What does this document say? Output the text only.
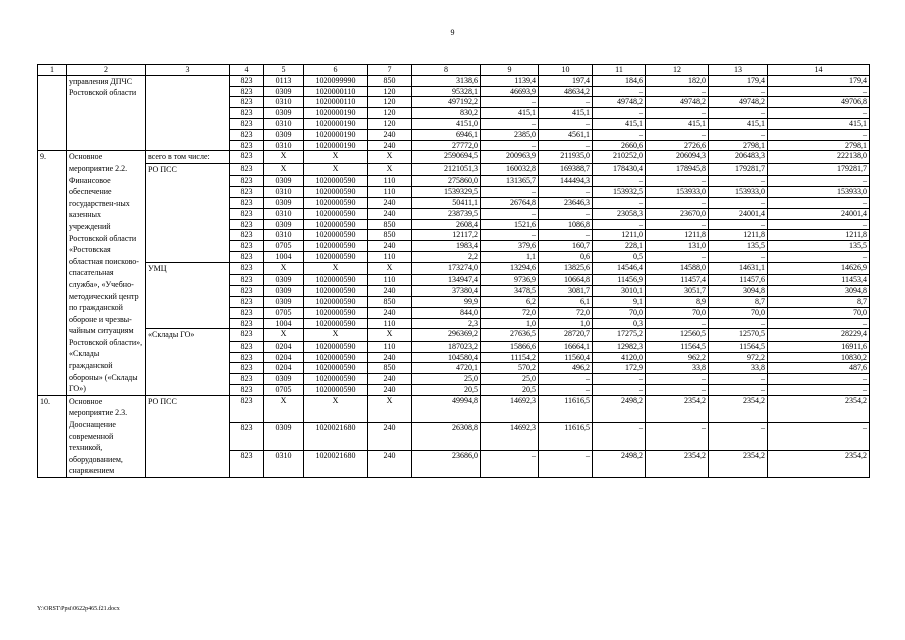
9
1	2	3	4	5	6	7	8	9	10	11	12	13	14
	управления ДПЧС Ростовской области		823	0113	1020099990	850	3138,6	1139,4	197,4	184,6	182,0	179,4	179,4
			823	0309	1020000110	120	95328,1	46693,9	48634,2	–	–	–	–
			823	0310	1020000110	120	497192,2	–	–	49748,2	49748,2	49748,2	49706,8
			823	0309	1020000190	120	830,2	415,1	415,1	–	–	–	–
			823	0310	1020000190	120	4151,0	–	–	415,1	415,1	415,1	415,1
			823	0309	1020000190	240	6946,1	2385,0	4561,1	–	–	–	–
			823	0310	1020000190	240	27772,0	–	–	2660,6	2726,6	2798,1	2798,1
9.	Основное мероприятие 2.2. Финансовое обеспечение государствен-ных казенных учреждений Ростовской области «Ростовская областная поисково-спасательная служба», «Учебно-методический центр по гражданской обороне и чрезвы-чайным ситуациям Ростовской области», «Склады гражданской обороны» («Склады ГО»)	всего в том числе:	823	Х	Х	Х	2590694,5	200963,9	211935,0	210252,0	206094,3	206483,3	222138,0
		РО ПСС	823	Х	Х	Х	2121051,3	160032,8	169388,7	178430,4	178945,8	179281,7	179281,7
			823	0309	1020000590	110	275860,0	131365,7	144494,3	–	–	–	–
			823	0310	1020000590	110	1539329,5	–	–	153932,5	153933,0	153933,0	153933,0
			823	0309	1020000590	240	50411,1	26764,8	23646,3	–	–	–	–
			823	0310	1020000590	240	238739,5	–	–	23058,3	23670,0	24001,4	24001,4
			823	0309	1020000590	850	2608,4	1521,6	1086,8	–	–	–	–
			823	0310	1020000590	850	12117,2	–	–	1211,0	1211,8	1211,8	1211,8
			823	0705	1020000590	240	1983,4	379,6	160,7	228,1	131,0	135,5	135,5
			823	1004	1020000590	110	2,2	1,1	0,6	0,5	–	–	–
		УМЦ	823	Х	Х	Х	173274,0	13294,6	13825,6	14546,4	14588,0	14631,1	14626,9
			823	0309	1020000590	110	134947,4	9736,9	10664,8	11456,9	11457,4	11457,6	11453,4
			823	0309	1020000590	240	37380,4	3478,5	3081,7	3010,1	3051,7	3094,8	3094,8
			823	0309	1020000590	850	99,9	6,2	6,1	9,1	8,9	8,7	8,7
			823	0705	1020000590	240	844,0	72,0	72,0	70,0	70,0	70,0	70,0
			823	1004	1020000590	110	2,3	1,0	1,0	0,3	–	–	–
		«Склады ГО»	823	Х	Х	Х	296369,2	27636,5	28720,7	17275,2	12560,5	12570,5	28229,4
			823	0204	1020000590	110	187023,2	15866,6	16664,1	12982,3	11564,5	11564,5	16911,6
			823	0204	1020000590	240	104580,4	11154,2	11560,4	4120,0	962,2	972,2	10830,2
			823	0204	1020000590	850	4720,1	570,2	496,2	172,9	33,8	33,8	487,6
			823	0309	1020000590	240	25,0	25,0	–	–	–	–	–
			823	0705	1020000590	240	20,5	20,5	–	–	–	–	–
10.	Основное мероприятие 2.3. Дооснащение современной техникой, оборудованием, снаряжением	РО ПСС	823	Х	Х	Х	49994,8	14692,3	11616,5	2498,2	2354,2	2354,2	2354,2
			823	0309	1020021680	240	26308,8	14692,3	11616,5	–	–	–	–
			823	0310	1020021680	240	23686,0	–	–	2498,2	2354,2	2354,2	2354,2
Y:\ORST\Ppsi\0622p465.f21.docx
